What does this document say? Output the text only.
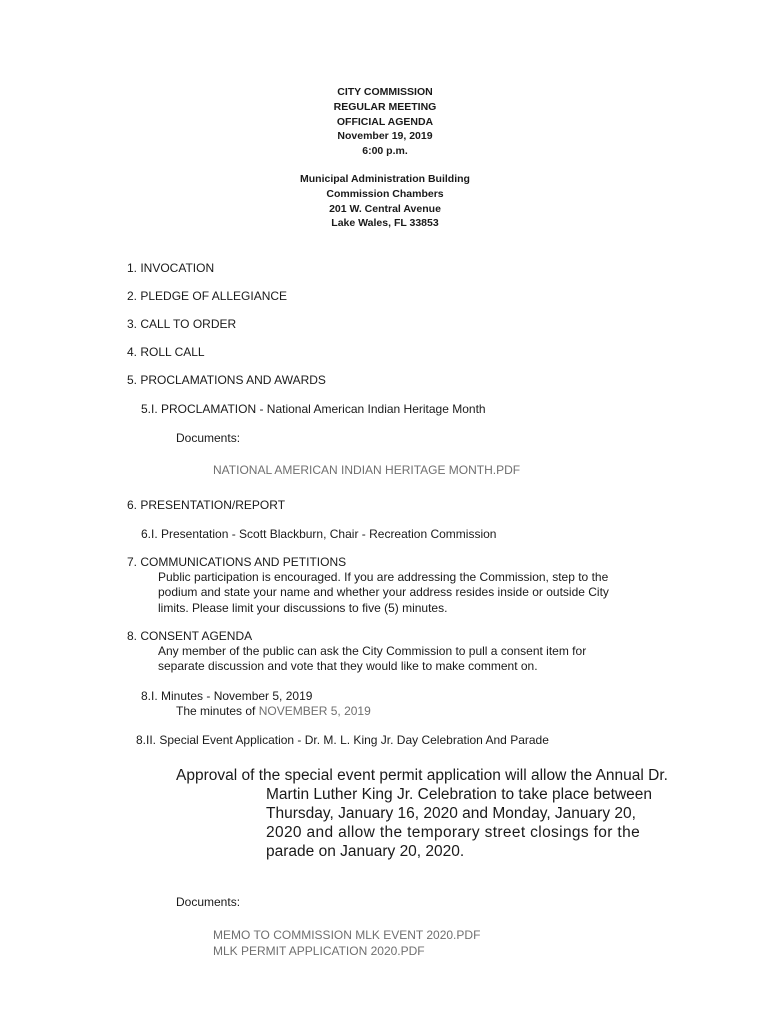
CITY COMMISSION
REGULAR MEETING
OFFICIAL AGENDA
November 19, 2019
6:00 p.m.
Municipal Administration Building
Commission Chambers
201 W. Central Avenue
Lake Wales, FL 33853
1. INVOCATION
2. PLEDGE OF ALLEGIANCE
3. CALL TO ORDER
4. ROLL CALL
5. PROCLAMATIONS AND AWARDS
5.I. PROCLAMATION - National American Indian Heritage Month
Documents:
NATIONAL AMERICAN INDIAN HERITAGE MONTH.PDF
6. PRESENTATION/REPORT
6.I. Presentation - Scott Blackburn, Chair - Recreation Commission
7. COMMUNICATIONS AND PETITIONS
Public participation is encouraged. If you are addressing the Commission, step to the
podium and state your name and whether your address resides inside or outside City
limits. Please limit your discussions to five (5) minutes.
8. CONSENT AGENDA
Any member of the public can ask the City Commission to pull a consent item for
separate discussion and vote that they would like to make comment on.
8.I. Minutes - November 5, 2019
The minutes of NOVEMBER 5, 2019
8.II. Special Event Application - Dr. M. L. King Jr. Day Celebration And Parade
Approval of the special event permit application will allow the Annual Dr.
Martin Luther King Jr. Celebration to take place between
Thursday, January 16, 2020 and Monday, January 20,
2020 and allow the temporary street closings for the
parade on January 20, 2020.
Documents:
MEMO TO COMMISSION MLK EVENT 2020.PDF
MLK PERMIT APPLICATION 2020.PDF
